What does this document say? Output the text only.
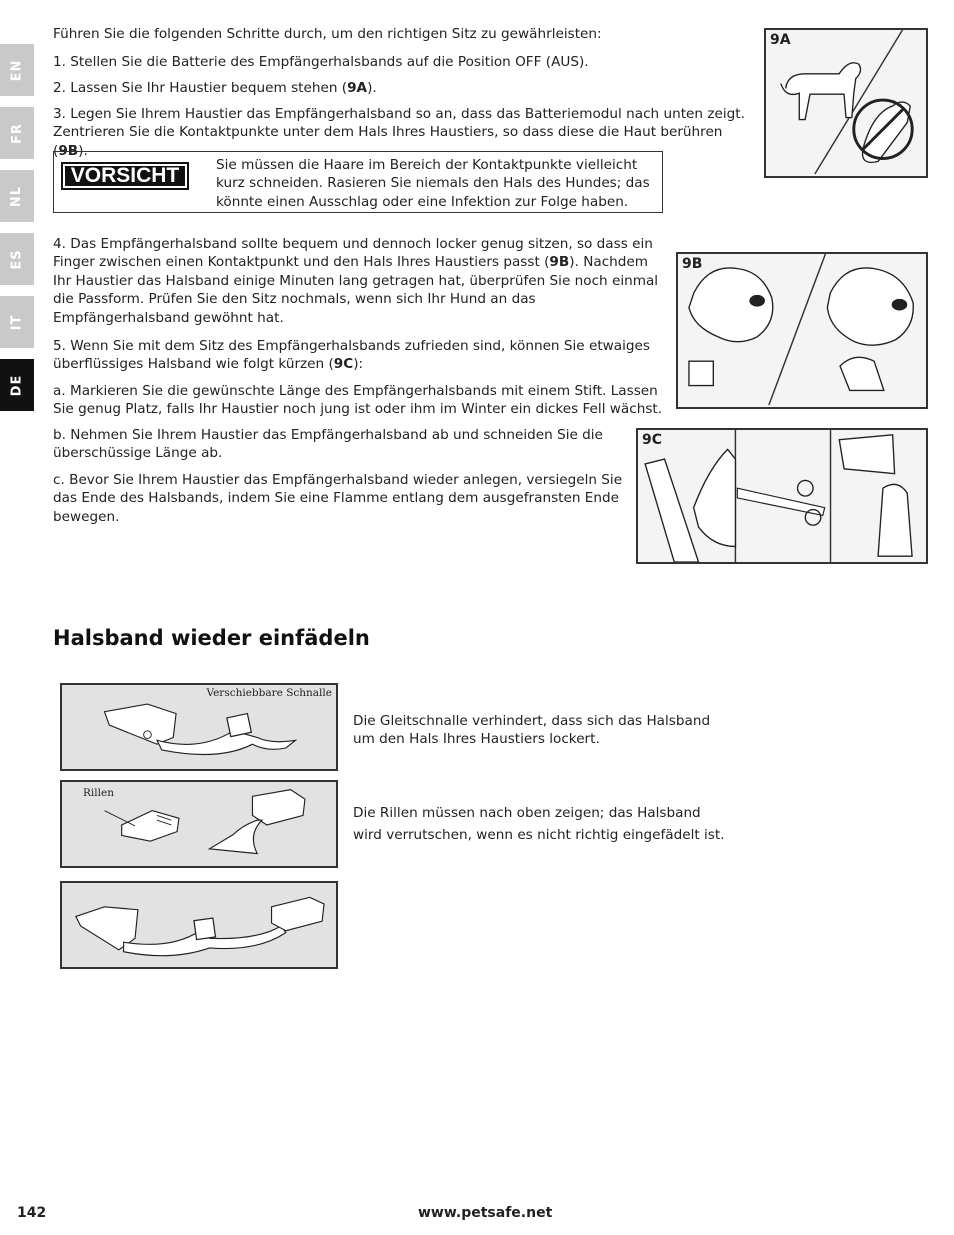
EN
FR
NL
ES
IT
DE
Führen Sie die folgenden Schritte durch, um den richtigen Sitz zu gewährleisten:
1. Stellen Sie die Batterie des Empfängerhalsbands auf die Position OFF (AUS).
2. Lassen Sie Ihr Haustier bequem stehen (9A).
3. Legen Sie Ihrem Haustier das Empfängerhalsband so an, dass das Batteriemodul nach unten zeigt. Zentrieren Sie die Kontaktpunkte unter dem Hals Ihres Haustiers, so dass diese die Haut berühren (9B).
VORSICHT	Sie müssen die Haare im Bereich der Kontaktpunkte vielleicht kurz schneiden. Rasieren Sie niemals den Hals des Hundes; das könnte einen Ausschlag oder eine Infektion zur Folge haben.
4. Das Empfängerhalsband sollte bequem und dennoch locker genug sitzen, so dass ein Finger zwischen einen Kontaktpunkt und den Hals Ihres Haustiers passt (9B). Nachdem Ihr Haustier das Halsband einige Minuten lang getragen hat, überprüfen Sie noch einmal die Passform. Prüfen Sie den Sitz nochmals, wenn sich Ihr Hund an das Empfängerhalsband gewöhnt hat.
5. Wenn Sie mit dem Sitz des Empfängerhalsbands zufrieden sind, können Sie etwaiges überflüssiges Halsband wie folgt kürzen (9C):
a. Markieren Sie die gewünschte Länge des Empfängerhalsbands mit einem Stift. Lassen Sie genug Platz, falls Ihr Haustier noch jung ist oder ihm im Winter ein dickes Fell wächst.
b. Nehmen Sie Ihrem Haustier das Empfängerhalsband ab und schneiden Sie die überschüssige Länge ab.
c. Bevor Sie Ihrem Haustier das Empfängerhalsband wieder anlegen, versiegeln Sie das Ende des Halsbands, indem Sie eine Flamme entlang dem ausgefransten Ende bewegen.
9A
9B
9C
Halsband wieder einfädeln
Verschiebbare Schnalle
Rillen
Die Gleitschnalle verhindert, dass sich das Halsband um den Hals Ihres Haustiers lockert.
Die Rillen müssen nach oben zeigen; das Halsband wird verrutschen, wenn es nicht richtig eingefädelt ist.
142	www.petsafe.net
